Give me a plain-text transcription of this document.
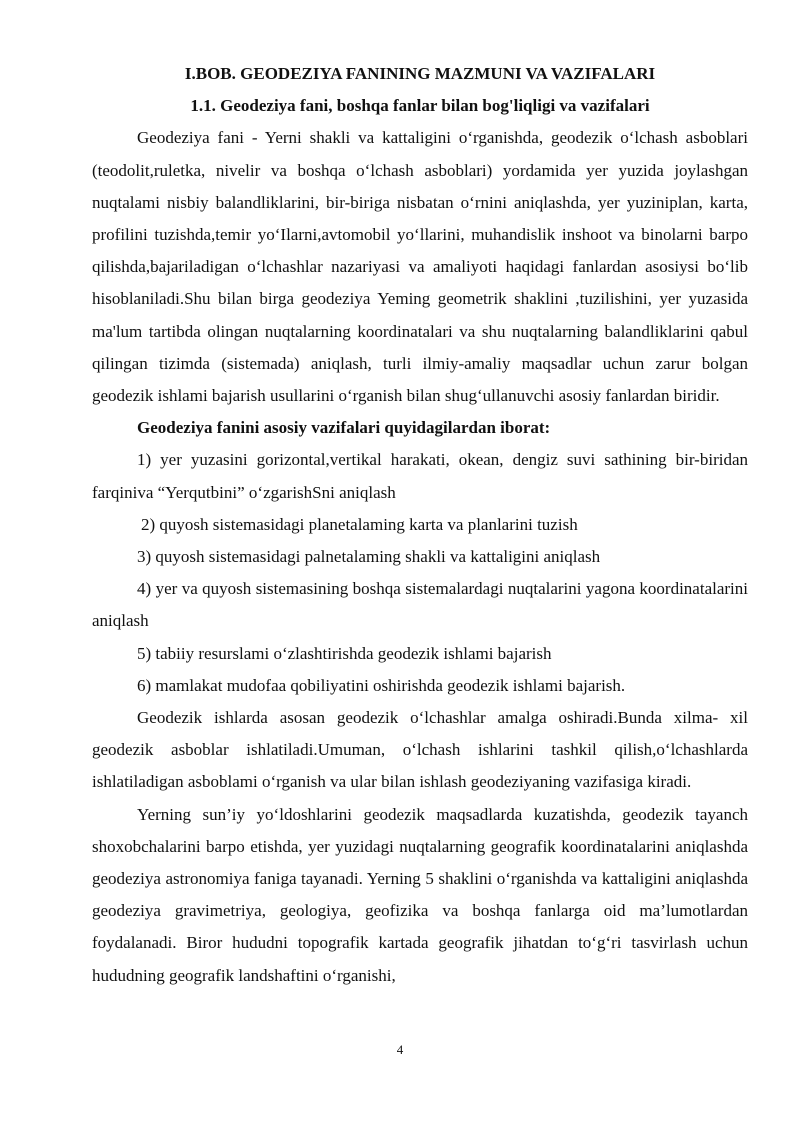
I.BOB. GEODEZIYA FANINING MAZMUNI VA VAZIFALARI
1.1. Geodeziya fani, boshqa fanlar bilan bog'liqligi va vazifalari

Geodeziya fani - Yerni shakli va kattaligini o‘rganishda, geodezik o‘lchash asboblari (teodolit,ruletka, nivelir va boshqa o‘lchash asboblari) yordamida yer yuzida joylashgan nuqtalami nisbiy balandliklarini, bir-biriga nisbatan o‘rnini aniqlashda, yer yuziniplan, karta, profilini tuzishda,temir yo‘Ilarni,avtomobil yo‘llarini, muhandislik inshoot va binolarni barpo qilishda,bajariladigan o‘lchashlar nazariyasi va amaliyoti haqidagi fanlardan asosiysi bo‘lib hisoblaniladi.Shu bilan birga geodeziya Yeming geometrik shaklini ,tuzilishini, yer yuzasida ma'lum tartibda olingan nuqtalarning koordinatalari va shu nuqtalarning balandliklarini qabul qilingan tizimda (sistemada) aniqlash, turli ilmiy-amaliy maqsadlar uchun zarur bolgan geodezik ishlami bajarish usullarini o‘rganish bilan shug‘ullanuvchi asosiy fanlardan biridir.

Geodeziya fanini asosiy vazifalari quyidagilardan iborat:

1) yer yuzasini gorizontal,vertikal harakati, okean, dengiz suvi sathining bir-biridan farqiniva “Yerqutbini” o‘zgarishSni aniqlash

2) quyosh sistemasidagi planetalaming karta va planlarini tuzish

3) quyosh sistemasidagi palnetalaming shakli va kattaligini aniqlash

4) yer va quyosh sistemasining boshqa sistemalardagi nuqtalarini yagona koordinatalarini aniqlash

5) tabiiy resurslami o‘zlashtirishda geodezik ishlami bajarish

6) mamlakat mudofaa qobiliyatini oshirishda geodezik ishlami bajarish.

Geodezik ishlarda asosan geodezik o‘lchashlar amalga oshiradi.Bunda xilma- xil geodezik asboblar ishlatiladi.Umuman, o‘lchash ishlarini tashkil qilish,o‘lchashlarda ishlatiladigan asboblami o‘rganish va ular bilan ishlash geodeziyaning vazifasiga kiradi.

Yerning sun’iy yo‘ldoshlarini geodezik maqsadlarda kuzatishda, geodezik tayanch shoxobchalarini barpo etishda, yer yuzidagi nuqtalarning geografik koordinatalarini aniqlashda geodeziya astronomiya faniga tayanadi. Yerning 5 shaklini o‘rganishda va kattaligini aniqlashda geodeziya gravimetriya, geologiya, geofizika va boshqa fanlarga oid ma’lumotlardan foydalanadi. Biror hududni topografik kartada geografik jihatdan to‘g‘ri tasvirlash uchun hududning geografik landshaftini o‘rganishi,

4
